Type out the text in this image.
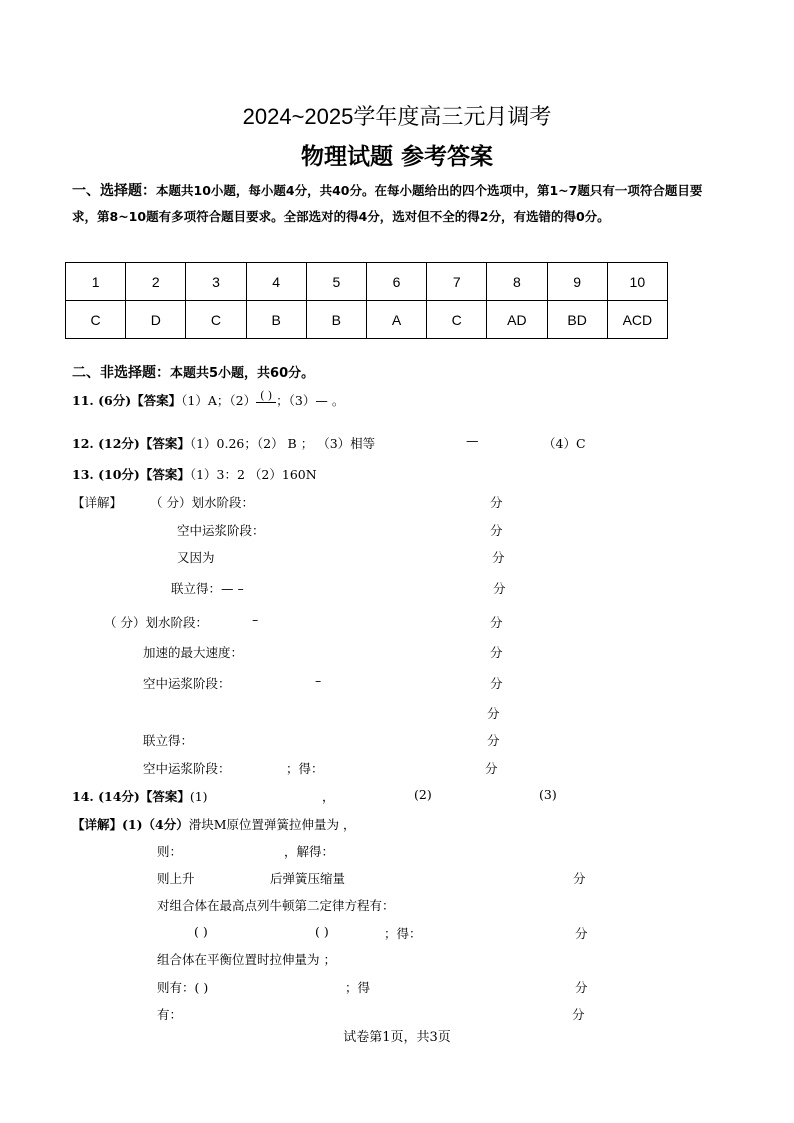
2024~2025学年度高三元月调考
物理试题 参考答案
一、选择题：本题共10小题，每小题4分，共40分。在每小题给出的四个选项中，第1~7题只有一项符合题目要求，第8~10题有多项符合题目要求。全部选对的得4分，选对但不全的得2分，有选错的得0分。
1	2	3	4	5	6	7	8	9	10
C	D	C	B	B	A	C	AD	BD	ACD
二、非选择题：本题共5小题，共60分。
11. (6分)【答案】（1）A；（2） ( ) ；（3）— 。
12. (12分)【答案】（1）0.26；（2） B ； （3）相等	—	（4）C
13. (10分)【答案】（1）3：2 （2）160N
【详解】 （ 分）划水阶段：	分
空中运浆阶段：	分
又因为	分
联立得：— –	分
（ 分）划水阶段：	–	分
加速的最大速度：	分
空中运浆阶段：	–	分
分
联立得：	分
空中运浆阶段：	；得：	分
14. (14分)【答案】(1)	，	(2)	(3)
【详解】(1)（4分）滑块M原位置弹簧拉伸量为 ，
则：	，解得：
则上升	后弹簧压缩量	分
对组合体在最高点列牛顿第二定律方程有：
( )	( )	；得：	分
组合体在平衡位置时拉伸量为 ；
则有：( )	；得	分
有：	分
试卷第1页，共3页
